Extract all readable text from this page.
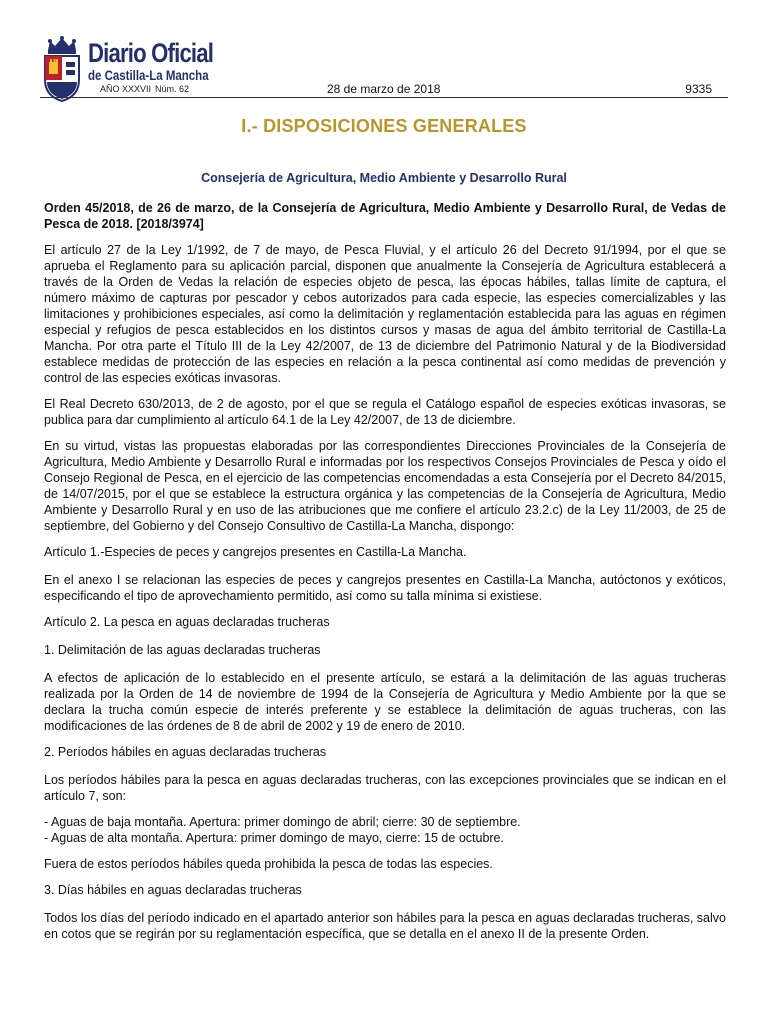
Diario Oficial
de Castilla-La Mancha
AÑO XXXVII Núm. 62	28 de marzo de 2018	9335
I.- DISPOSICIONES GENERALES
Consejería de Agricultura, Medio Ambiente y Desarrollo Rural

Orden 45/2018, de 26 de marzo, de la Consejería de Agricultura, Medio Ambiente y Desarrollo Rural, de Vedas de Pesca de 2018. [2018/3974]

El artículo 27 de la Ley 1/1992, de 7 de mayo, de Pesca Fluvial, y el artículo 26 del Decreto 91/1994, por el que se aprueba el Reglamento para su aplicación parcial, disponen que anualmente la Consejería de Agricultura establecerá a través de la Orden de Vedas la relación de especies objeto de pesca, las épocas hábiles, tallas límite de captura, el número máximo de capturas por pescador y cebos autorizados para cada especie, las especies comercializables y las limitaciones y prohibiciones especiales, así como la delimitación y reglamentación establecida para las aguas en régimen especial y refugios de pesca establecidos en los distintos cursos y masas de agua del ámbito territorial de Castilla-La Mancha. Por otra parte el Título III de la Ley 42/2007, de 13 de diciembre del Patrimonio Natural y de la Biodiversidad establece medidas de protección de las especies en relación a la pesca continental así como medidas de prevención y control de las especies exóticas invasoras.

El Real Decreto 630/2013, de 2 de agosto, por el que se regula el Catálogo español de especies exóticas invasoras, se publica para dar cumplimiento al artículo 64.1 de la Ley 42/2007, de 13 de diciembre.

En su virtud, vistas las propuestas elaboradas por las correspondientes Direcciones Provinciales de la Consejería de Agricultura, Medio Ambiente y Desarrollo Rural e informadas por los respectivos Consejos Provinciales de Pesca y oído el Consejo Regional de Pesca, en el ejercicio de las competencias encomendadas a esta Consejería por el Decreto 84/2015, de 14/07/2015, por el que se establece la estructura orgánica y las competencias de la Consejería de Agricultura, Medio Ambiente y Desarrollo Rural y en uso de las atribuciones que me confiere el artículo 23.2.c) de la Ley 11/2003, de 25 de septiembre, del Gobierno y del Consejo Consultivo de Castilla-La Mancha, dispongo:

Artículo 1.-Especies de peces y cangrejos presentes en Castilla-La Mancha.

En el anexo I se relacionan las especies de peces y cangrejos presentes en Castilla-La Mancha, autóctonos y exóticos, especificando el tipo de aprovechamiento permitido, así como su talla mínima si existiese.

Artículo 2. La pesca en aguas declaradas trucheras

1. Delimitación de las aguas declaradas trucheras

A efectos de aplicación de lo establecido en el presente artículo, se estará a la delimitación de las aguas trucheras realizada por la Orden de 14 de noviembre de 1994 de la Consejería de Agricultura y Medio Ambiente por la que se declara la trucha común especie de interés preferente y se establece la delimitación de aguas trucheras, con las modificaciones de las órdenes de 8 de abril de 2002 y 19 de enero de 2010.

2. Períodos hábiles en aguas declaradas trucheras

Los períodos hábiles para la pesca en aguas declaradas trucheras, con las excepciones provinciales que se indican en el artículo 7, son:

- Aguas de baja montaña. Apertura: primer domingo de abril; cierre: 30 de septiembre.

- Aguas de alta montaña. Apertura: primer domingo de mayo, cierre: 15 de octubre.

Fuera de estos períodos hábiles queda prohibida la pesca de todas las especies.

3. Días hábiles en aguas declaradas trucheras

Todos los días del período indicado en el apartado anterior son hábiles para la pesca en aguas declaradas trucheras, salvo en cotos que se regirán por su reglamentación específica, que se detalla en el anexo II de la presente Orden.
